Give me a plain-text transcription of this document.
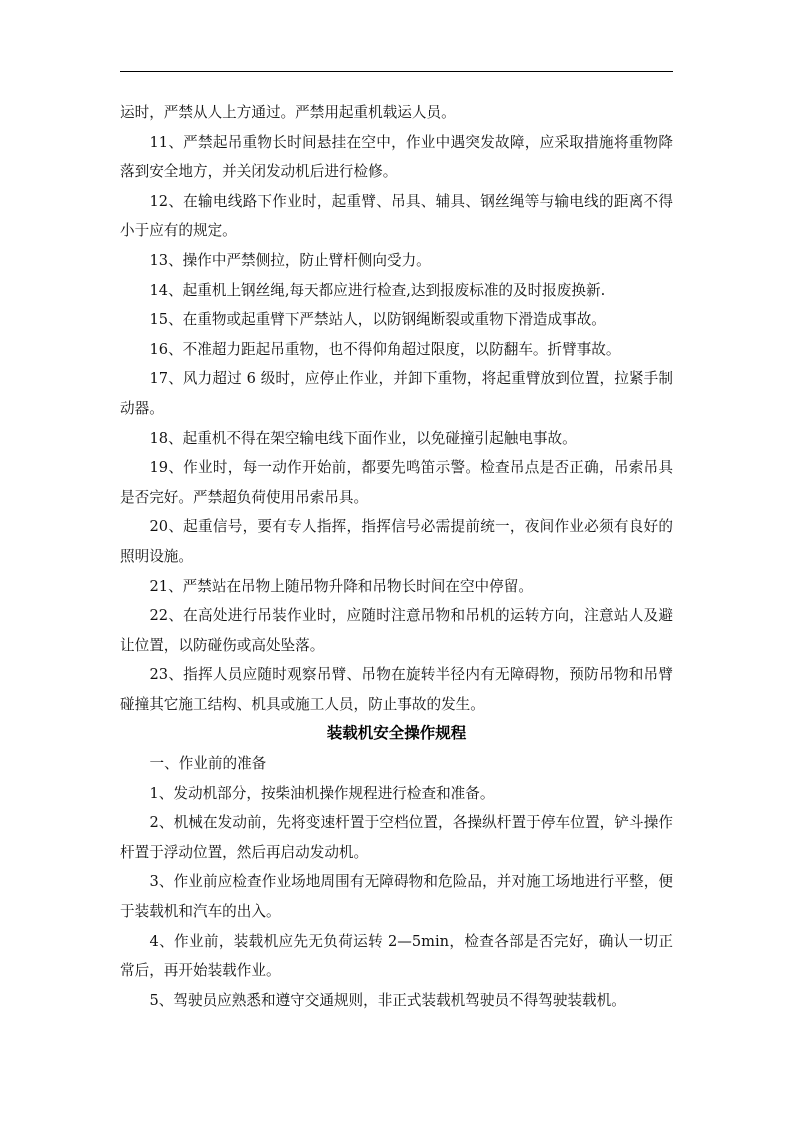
运时，严禁从人上方通过。严禁用起重机载运人员。

11、严禁起吊重物长时间悬挂在空中，作业中遇突发故障，应采取措施将重物降落到安全地方，并关闭发动机后进行检修。

12、在输电线路下作业时，起重臂、吊具、辅具、钢丝绳等与输电线的距离不得小于应有的规定。

13、操作中严禁侧拉，防止臂杆侧向受力。

14、起重机上钢丝绳,每天都应进行检查,达到报废标准的及时报废换新.

15、在重物或起重臂下严禁站人，以防钢绳断裂或重物下滑造成事故。

16、不准超力距起吊重物，也不得仰角超过限度，以防翻车。折臂事故。

17、风力超过 6 级时，应停止作业，并卸下重物，将起重臂放到位置，拉紧手制动器。

18、起重机不得在架空输电线下面作业，以免碰撞引起触电事故。

19、作业时，每一动作开始前，都要先鸣笛示警。检查吊点是否正确，吊索吊具是否完好。严禁超负荷使用吊索吊具。

20、起重信号，要有专人指挥，指挥信号必需提前统一，夜间作业必须有良好的照明设施。

21、严禁站在吊物上随吊物升降和吊物长时间在空中停留。

22、在高处进行吊装作业时，应随时注意吊物和吊机的运转方向，注意站人及避让位置，以防碰伤或高处坠落。

23、指挥人员应随时观察吊臂、吊物在旋转半径内有无障碍物，预防吊物和吊臂碰撞其它施工结构、机具或施工人员，防止事故的发生。

装载机安全操作规程

一、作业前的准备

1、发动机部分，按柴油机操作规程进行检查和准备。

2、机械在发动前，先将变速杆置于空档位置，各操纵杆置于停车位置，铲斗操作杆置于浮动位置，然后再启动发动机。

3、作业前应检查作业场地周围有无障碍物和危险品，并对施工场地进行平整，便于装载机和汽车的出入。

4、作业前，装载机应先无负荷运转 2—5min，检查各部是否完好，确认一切正常后，再开始装载作业。

5、驾驶员应熟悉和遵守交通规则，非正式装载机驾驶员不得驾驶装载机。
